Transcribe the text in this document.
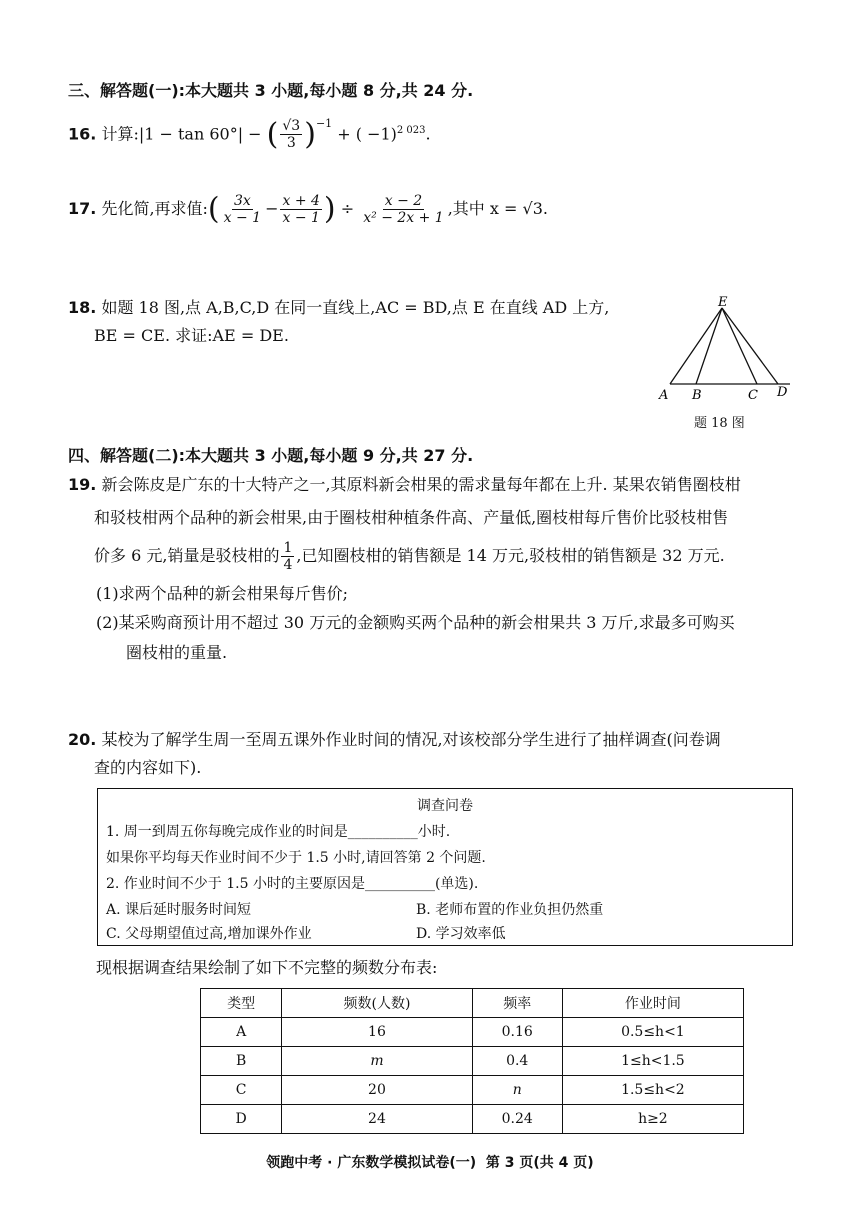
三、解答题(一):本大题共 3 小题,每小题 8 分,共 24 分.
16. 计算:|1 − tan 60°| − ( $\frac{√3}{3} )^{-1}$ + ( −1)$^{2 023}$.
17. 先化简,再求值:( $\frac{3x}{x - 1} - \frac{x + 4}{x - 1}$ ) ÷ $\frac{x - 2}{\text{x² − 2x + 1}}$ ,其中 x = √3.
18. 如题 18 图,点 A,B,C,D 在同一直线上,AC = BD,点 E 在直线 AD 上方,
BE = CE. 求证:AE = DE.
E
A B	C D
题 18 图
四、解答题(二):本大题共 3 小题,每小题 9 分,共 27 分.
19. 新会陈皮是广东的十大特产之一,其原料新会柑果的需求量每年都在上升. 某果农销售圈枝柑
和驳枝柑两个品种的新会柑果,由于圈枝柑种植条件高、产量低,圈枝柑每斤售价比驳枝柑售
价多 6 元,销量是驳枝柑的 $\frac{1}{4}$ ,已知圈枝柑的销售额是 14 万元,驳枝柑的销售额是 32 万元.
(1)求两个品种的新会柑果每斤售价;
(2)某采购商预计用不超过 30 万元的金额购买两个品种的新会柑果共 3 万斤,求最多可购买
圈枝柑的重量.
20. 某校为了解学生周一至周五课外作业时间的情况,对该校部分学生进行了抽样调查(问卷调
查的内容如下).
调查问卷
1. 周一到周五你每晚完成作业的时间是__________小时.
如果你平均每天作业时间不少于 1.5 小时,请回答第 2 个问题.
2. 作业时间不少于 1.5 小时的主要原因是__________(单选).
A. 课后延时服务时间短	B. 老师布置的作业负担仍然重
C. 父母期望值过高,增加课外作业	D. 学习效率低
现根据调查结果绘制了如下不完整的频数分布表:
类型	频数(人数)	频率	作业时间
A	16	0.16	0.5≤h<1
B	m	0.4	1≤h<1.5
C	20	n	1.5≤h<2
D	24	0.24	h≥2
领跑中考 · 广东数学模拟试卷(一)  第 3 页(共 4 页)
